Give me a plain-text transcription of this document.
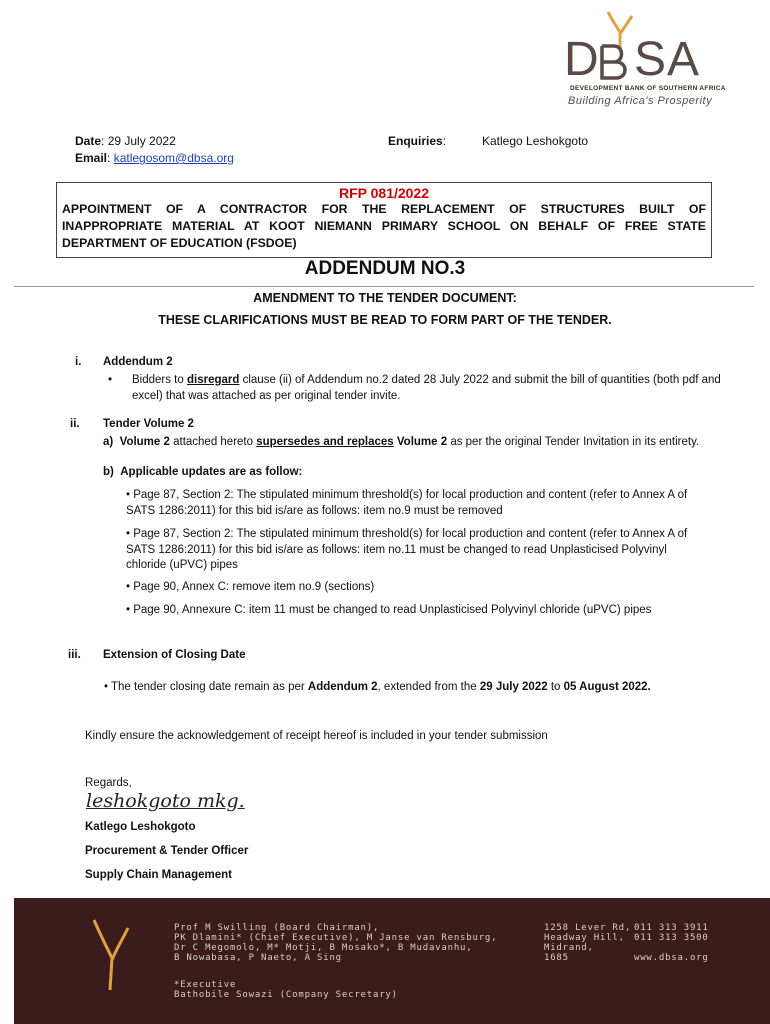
D SA
DEVELOPMENT BANK OF SOUTHERN AFRICA
Building Africa's Prosperity
Date: 29 July 2022
Email: katlegosom@dbsa.org
Enquiries:	Katlego Leshokgoto
RFP 081/2022
APPOINTMENT OF A CONTRACTOR FOR THE REPLACEMENT OF STRUCTURES BUILT OF
INAPPROPRIATE MATERIAL AT KOOT NIEMANN PRIMARY SCHOOL ON BEHALF OF FREE STATE
DEPARTMENT OF EDUCATION (FSDOE)
ADDENDUM NO.3
AMENDMENT TO THE TENDER DOCUMENT:
THESE CLARIFICATIONS MUST BE READ TO FORM PART OF THE TENDER.
i. Addendum 2
• Bidders to disregard clause (ii) of Addendum no.2 dated 28 July 2022 and submit the bill of quantities (both pdf and
excel) that was attached as per original tender invite.
ii. Tender Volume 2
a) Volume 2 attached hereto supersedes and replaces Volume 2 as per the original Tender Invitation in its entirety.
b) Applicable updates are as follow:
• Page 87, Section 2: The stipulated minimum threshold(s) for local production and content (refer to Annex A of
SATS 1286:2011) for this bid is/are as follows: item no.9 must be removed
• Page 87, Section 2: The stipulated minimum threshold(s) for local production and content (refer to Annex A of
SATS 1286:2011) for this bid is/are as follows: item no.11 must be changed to read Unplasticised Polyvinyl
chloride (uPVC) pipes
• Page 90, Annex C: remove item no.9 (sections)
• Page 90, Annexure C: item 11 must be changed to read Unplasticised Polyvinyl chloride (uPVC) pipes
iii. Extension of Closing Date
• The tender closing date remain as per Addendum 2, extended from the 29 July 2022 to 05 August 2022.
Kindly ensure the acknowledgement of receipt hereof is included in your tender submission
Regards,
leshokgoto mkg.
Katlego Leshokgoto
Procurement & Tender Officer
Supply Chain Management
Prof M Swilling (Board Chairman),
PK Dlamini* (Chief Executive), M Janse van Rensburg,
Dr C Megomolo, M* Motji, B Mosako*, B Mudavanhu,
B Nowabasa, P Naeto, A Sing
*Executive
Bathobile Sowazi (Company Secretary)
1258 Lever Rd,
Headway Hill,
Midrand,
1685
011 313 3911
011 313 3500
www.dbsa.org
